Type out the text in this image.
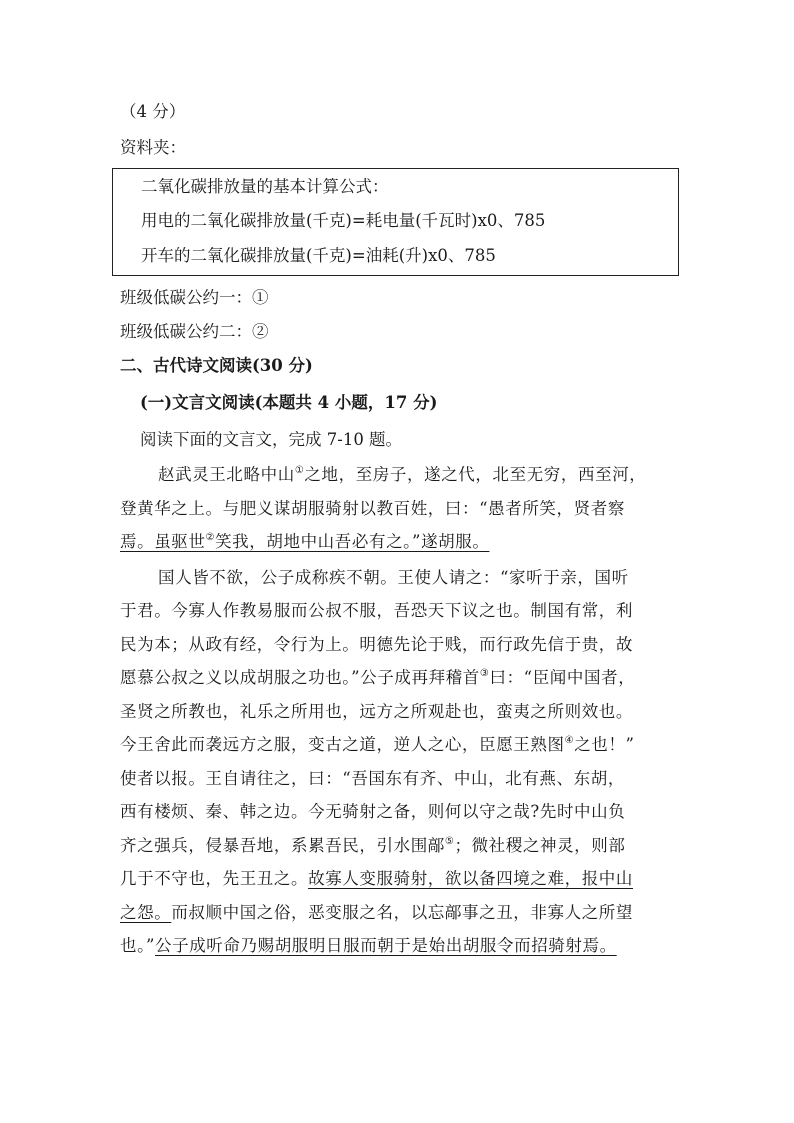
（4 分）
资料夹：
二氧化碳排放量的基本计算公式：
用电的二氧化碳排放量(千克)=耗电量(千瓦时)x0、785
开车的二氧化碳排放量(千克)=油耗(升)x0、785
班级低碳公约一：①
班级低碳公约二：②
二、古代诗文阅读(30 分)
(一)文言文阅读(本题共 4 小题，17 分)
阅读下面的文言文，完成 7-10 题。
赵武灵王北略中山①之地，至房子，遂之代，北至无穷，西至河，
登黄华之上。与肥义谋胡服骑射以教百姓，曰：“愚者所笑，贤者察
焉。虽驱世②笑我，胡地中山吾必有之。”遂胡服。
国人皆不欲，公子成称疾不朝。王使人请之：“家听于亲，国听
于君。今寡人作教易服而公叔不服，吾恐天下议之也。制国有常，利
民为本；从政有经，令行为上。明德先论于贱，而行政先信于贵，故
愿慕公叔之义以成胡服之功也。”公子成再拜稽首③曰：“臣闻中国者，
圣贤之所教也，礼乐之所用也，远方之所观赴也，蛮夷之所则效也。
今王舍此而袭远方之服，变古之道，逆人之心，臣愿王熟图④之也！”
使者以报。王自请往之，曰：“吾国东有齐、中山，北有燕、东胡，
西有楼烦、秦、韩之边。今无骑射之备，则何以守之哉?先时中山负
齐之强兵，侵暴吾地，系累吾民，引水围鄗⑤；微社稷之神灵，则部
几于不守也，先王丑之。故寡人变服骑射，欲以备四境之难，报中山
之怨。而叔顺中国之俗，恶变服之名，以忘鄗事之丑，非寡人之所望
也。”公子成听命乃赐胡服明日服而朝于是始出胡服令而招骑射焉。
